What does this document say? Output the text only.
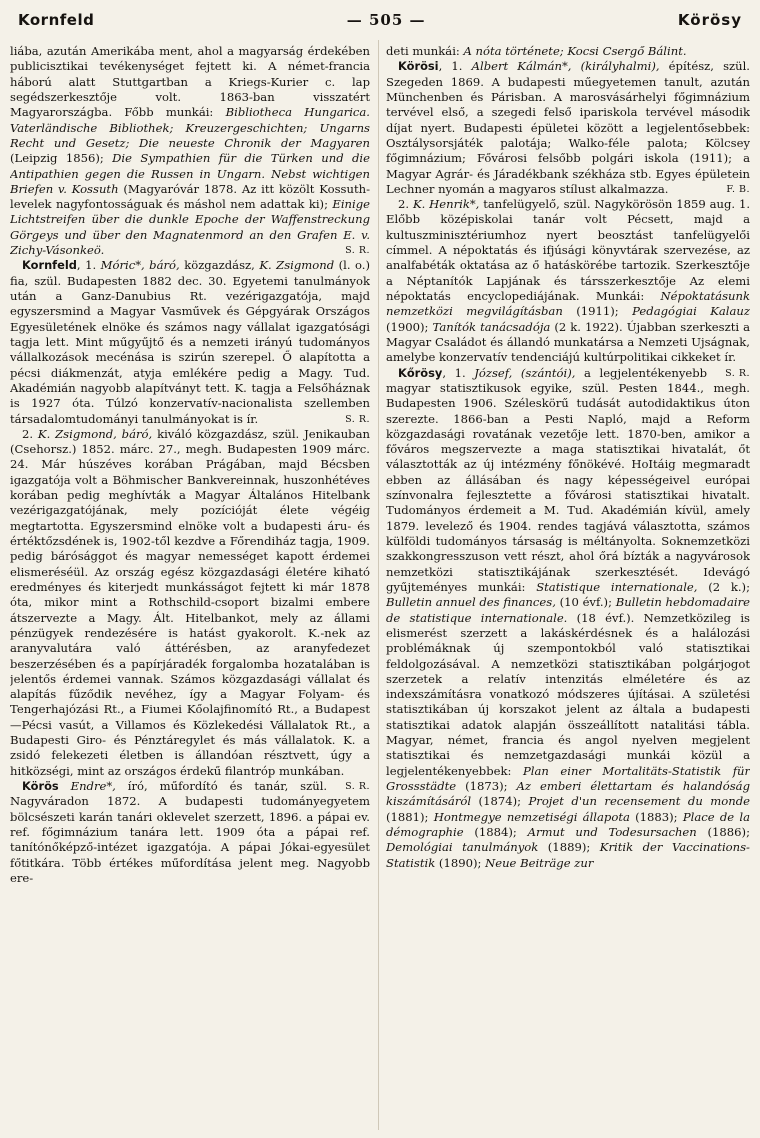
Kornfeld	— 505 —	Körösy

liába, azután Amerikába ment, ahol a magyarság érdekében publicisztikai tevékenységet fejtett ki. A német-francia háború alatt Stuttgartban a Kriegs-Kurier c. lap segédszerkesztője volt. 1863-ban visszatért Magyarországba. Főbb munkái: Bibliotheca Hungarica. Vaterländische Bibliothek; Kreuzergeschichten; Ungarns Recht und Gesetz; Die neueste Chronik der Magyaren (Leipzig 1856); Die Sympathien für die Türken und die Antipathien gegen die Russen in Ungarn. Nebst wichtigen Briefen v. Kossuth (Magyaróvár 1878. Az itt közölt Kossuth-levelek nagyfontosságuak és máshol nem adattak ki); Einige Lichtstreifen über die dunkle Epoche der Waffenstreckung Görgeys und über den Magnatenmord an den Grafen E. v. Zichy-Vásonkeö.	S. R.

Kornfeld, 1. Móric*, báró, közgazdász, K. Zsigmond (l. o.) fia, szül. Budapesten 1882 dec. 30. Egyetemi tanulmányok után a Ganz-Danubius Rt. vezérigazgatója, majd egyszersmind a Magyar Vasművek és Gépgyárak Országos Egyesületének elnöke és számos nagy vállalat igazgatósági tagja lett. Mint műgyűjtő és a nemzeti irányú tudományos vállalkozások mecénása is szirún szerepel. Ő alapította a pécsi diákmenzát, atyja emlékére pedig a Magy. Tud. Akadémián nagyobb alapítványt tett. K. tagja a Felsőháznak is 1927 óta. Túlzó konzervatív-nacionalista szellemben társadalomtudományi tanulmányokat is ír.	S. R.

2. K. Zsigmond, báró, kiváló közgazdász, szül. Jenikauban (Csehorsz.) 1852. márc. 27., megh. Budapesten 1909 márc. 24. Már húszéves korában Prágában, majd Bécsben igazgatója volt a Böhmischer Bankvereinnak, huszonhétéves korában pedig meghívták a Magyar Általános Hitelbank vezérigazgatójának, mely pozícióját élete végéig megtartotta. Egyszersmind elnöke volt a budapesti áru- és értéktőzsdének is, 1902-től kezdve a Főrendiház tagja, 1909. pedig bárósággot és magyar nemességet kapott érdemei elismeréséül. Az ország egész közgazdasági életére kiható eredményes és kiterjedt munkásságot fejtett ki már 1878 óta, mikor mint a Rothschild-csoport bizalmi embere átszervezte a Magy. Ált. Hitelbankot, mely az állami pénzügyek rendezésére is hatást gyakorolt. K.-nek az aranyvalutára való áttérésben, az aranyfedezet beszerzésében és a papírjáradék forgalomba hozatalában is jelentős érdemei vannak. Számos közgazdasági vállalat és alapítás fűződik nevéhez, így a Magyar Folyam- és Tengerhajózási Rt., a Fiumei Kőolajfinomító Rt., a Budapest—Pécsi vasút, a Villamos és Közlekedési Vállalatok Rt., a Budapesti Giro- és Pénztáregylet és más vállalatok. K. a zsidó felekezeti életben is állandóan résztvett, úgy a hitközségi, mint az országos érdekű filantróp munkában.
S. R.

Körös Endre*, író, műfordító és tanár, szül. Nagyváradon 1872. A budapesti tudományegyetem bölcsészeti karán tanári oklevelet szerzett, 1896. a pápai ev. ref. főgimnázium tanára lett. 1909 óta a pápai ref. tanítónőképző-intézet igazgatója. A pápai Jókai-egyesület főtitkára. Több értékes műfordítása jelent meg. Nagyobb ere-

deti munkái: A nóta története; Kocsi Csergő Bálint.

Körösi, 1. Albert Kálmán*, (királyhalmi), építész, szül. Szegeden 1869. A budapesti műegyetemen tanult, azután Münchenben és Párisban. A marosvásárhelyi főgimnázium tervével első, a szegedi felső ipariskola tervével második díjat nyert. Budapesti épületei között a legjelentősebbek: Osztálysorsjáték palotája; Walko-féle palota; Kölcsey főgimnázium; Fővárosi felsőbb polgári iskola (1911); a Magyar Agrár- és Járadékbank székháza stb. Egyes épületein Lechner nyomán a magyaros stílust alkalmazza.	F. B.

2. K. Henrik*, tanfelügyelő, szül. Nagykörösön 1859 aug. 1. Előbb középiskolai tanár volt Pécsett, majd a kultuszminisztériumhoz nyert beosztást tanfelügyelői címmel. A népoktatás és ifjúsági könyvtárak szervezése, az analfabéták oktatása az ő hatáskörébe tartozik. Szerkesztője a Néptanítók Lapjának és társszerkesztője Az elemi népoktatás encyclopediájának. Munkái: Népoktatásunk nemzetközi megvilágításban (1911); Pedagógiai Kalauz (1900); Tanítók tanácsadója (2 k. 1922). Újabban szerkeszti a Magyar Családot és állandó munkatársa a Nemzeti Ujságnak, amelybe konzervatív tendenciájú kultúrpolitikai cikkeket ír.
S. R.

Kőrösy, 1. József, (szántói), a legjelentékenyebb magyar statisztikusok egyike, szül. Pesten 1844., megh. Budapesten 1906. Széleskörű tudását autodidaktikus úton szerezte. 1866-ban a Pesti Napló, majd a Reform közgazdasági rovatának vezetője lett. 1870-ben, amikor a főváros megszervezte a maga statisztikai hivatalát, őt választották az új intézmény főnökévé. HoItáig megmaradt ebben az állásában és nagy képességeivel európai színvonalra fejlesztette a fővárosi statisztikai hivatalt. Tudományos érdemeit a M. Tud. Akadémián kívül, amely 1879. levelező és 1904. rendes tagjává választotta, számos külföldi tudományos társaság is méltányolta. Soknemzetközi szakkongresszuson vett részt, ahol őrá bízták a nagyvárosok nemzetközi statisztikájának szerkesztését. Idevágó gyűjteményes munkái: Statistique internationale, (2 k.); Bulletin annuel des finances, (10 évf.); Bulletin hebdomadaire de statistique internationale. (18 évf.). Nemzetközileg is elismerést szerzett a lakáskérdésnek és a halálozási problémáknak új szempontokból való statisztikai feldolgozásával. A nemzetközi statisztikában polgárjogot szerzetek a relatív intenzitás elméletére és az indexszámításra vonatkozó módszeres újításai. A születési statisztikában új korszakot jelent az általa a budapesti statisztikai adatok alapján összeállított natalitási tábla. Magyar, német, francia és angol nyelven megjelent statisztikai és nemzetgazdasági munkái közül a legjelentékenyebbek: Plan einer Mortalitäts-Statistik für Grossstädte (1873); Az emberi élettartam és halandóság kiszámításáról (1874); Projet d'un recensement du monde (1881); Hontmegye nemzetiségi állapota (1883); Place de la démographie (1884); Armut und Todesursachen (1886); Demológiai tanulmányok (1889); Kritik der Vaccinations-Statistik (1890); Neue Beiträge zur
